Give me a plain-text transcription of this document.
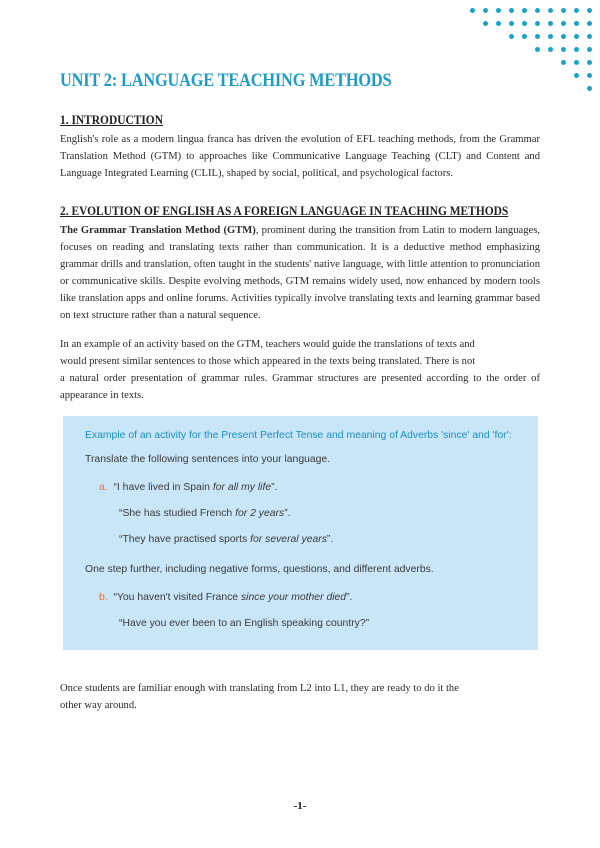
UNIT 2: LANGUAGE TEACHING METHODS
1. INTRODUCTION

English's role as a modern lingua franca has driven the evolution of EFL teaching methods, from the Grammar Translation Method (GTM) to approaches like Communicative Language Teaching (CLT) and Content and Language Integrated Learning (CLIL), shaped by social, political, and psychological factors.

2. EVOLUTION OF ENGLISH AS A FOREIGN LANGUAGE IN TEACHING METHODS

The Grammar Translation Method (GTM), prominent during the transition from Latin to modern languages, focuses on reading and translating texts rather than communication. It is a deductive method emphasizing grammar drills and translation, often taught in the students' native language, with little attention to pronunciation or communicative skills. Despite evolving methods, GTM remains widely used, now enhanced by modern tools like translation apps and online forums. Activities typically involve translating texts and learning grammar based on text structure rather than a natural sequence.

In an example of an activity based on the GTM, teachers would guide the translations of texts and

would present similar sentences to those which appeared in the texts being translated. There is not

a natural order presentation of grammar rules. Grammar structures are presented according to the order of appearance in texts.

Example of an activity for the Present Perfect Tense and meaning of Adverbs 'since' and 'for':
Translate the following sentences into your language.
a. “I have lived in Spain for all my life”.
“She has studied French for 2 years”.
“They have practised sports for several years”.
One step further, including negative forms, questions, and different adverbs.
b. “You haven't visited France since your mother died”.
“Have you ever been to an English speaking country?”

Once students are familiar enough with translating from L2 into L1, they are ready to do it the

other way around.

-1-
